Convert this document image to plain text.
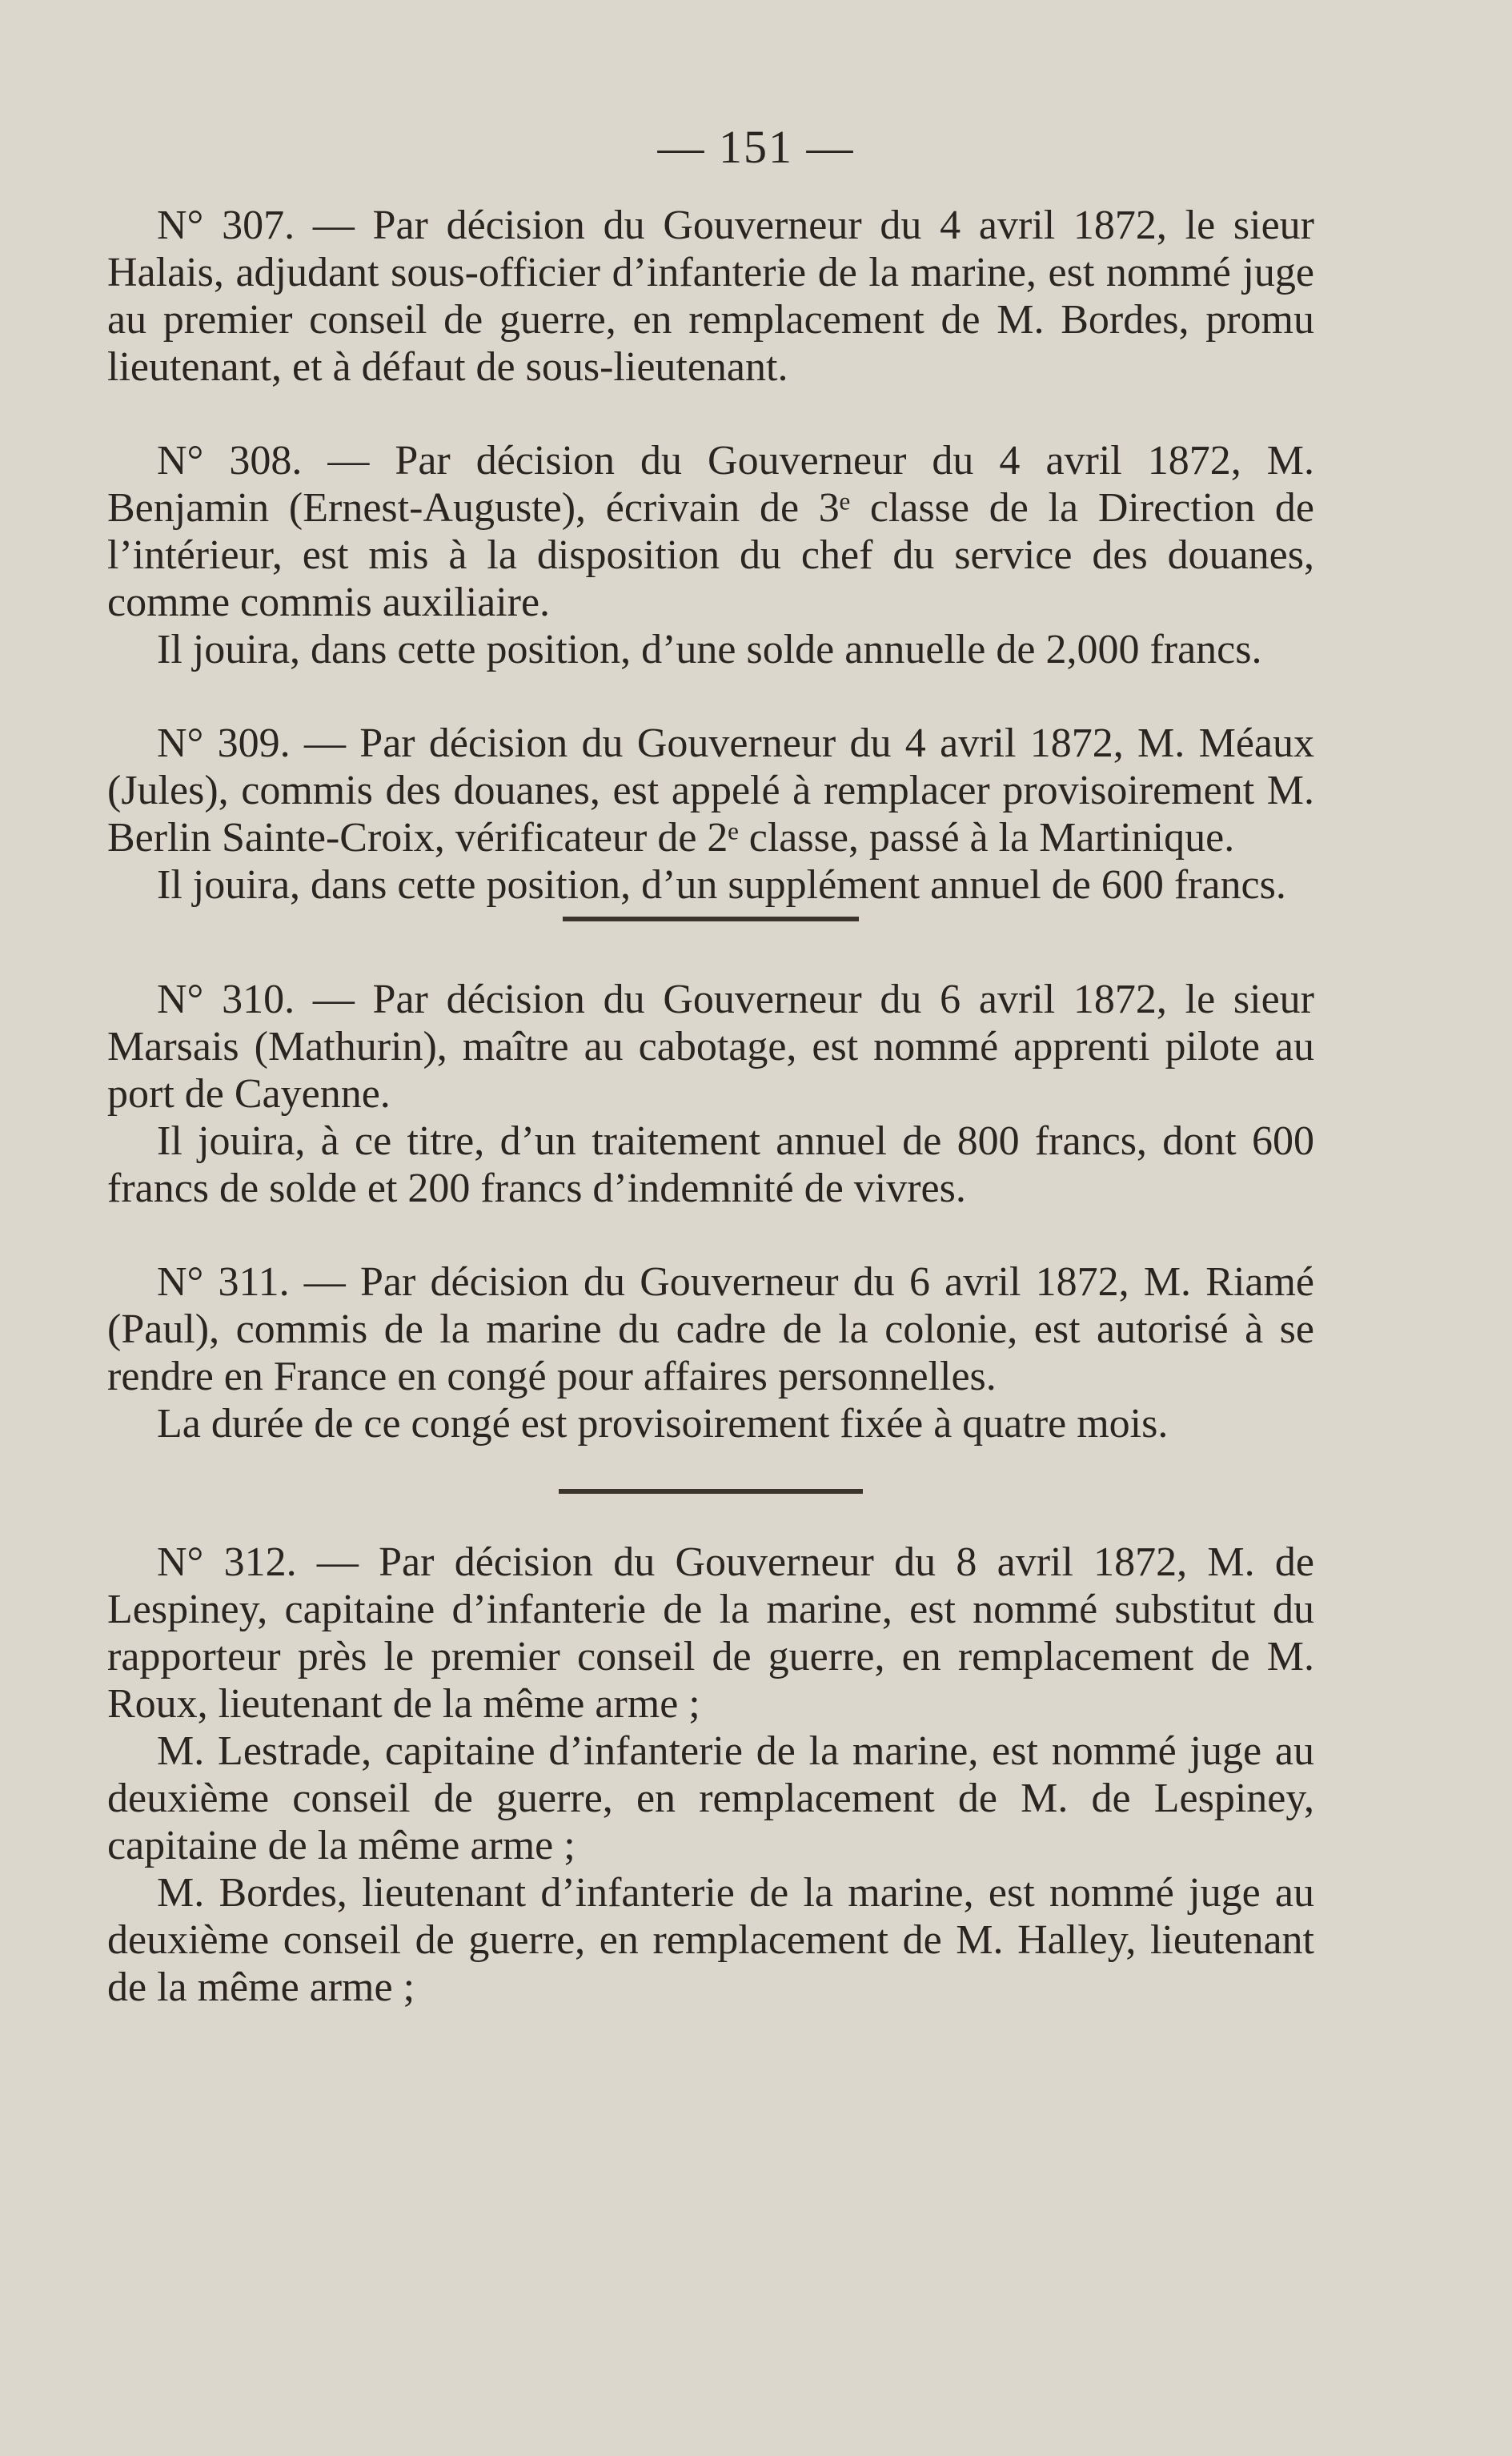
— 151 —

N° 307. — Par décision du Gouverneur du 4 avril 1872, le sieur Halais, adjudant sous-officier d’infanterie de la marine, est nommé juge au premier conseil de guerre, en remplacement de M. Bordes, promu lieutenant, et à défaut de sous-lieutenant.

N° 308. — Par décision du Gouverneur du 4 avril 1872, M. Benjamin (Ernest-Auguste), écrivain de 3ᵉ classe de la Direction de l’intérieur, est mis à la disposition du chef du service des douanes, comme commis auxiliaire.

Il jouira, dans cette position, d’une solde annuelle de 2,000 francs.

N° 309. — Par décision du Gouverneur du 4 avril 1872, M. Méaux (Jules), commis des douanes, est appelé à remplacer provisoirement M. Berlin Sainte-Croix, vérificateur de 2ᵉ classe, passé à la Martinique.

Il jouira, dans cette position, d’un supplément annuel de 600 francs.

N° 310. — Par décision du Gouverneur du 6 avril 1872, le sieur Marsais (Mathurin), maître au cabotage, est nommé apprenti pilote au port de Cayenne.

Il jouira, à ce titre, d’un traitement annuel de 800 francs, dont 600 francs de solde et 200 francs d’indemnité de vivres.

N° 311. — Par décision du Gouverneur du 6 avril 1872, M. Riamé (Paul), commis de la marine du cadre de la colonie, est autorisé à se rendre en France en congé pour affaires personnelles.

La durée de ce congé est provisoirement fixée à quatre mois.

N° 312. — Par décision du Gouverneur du 8 avril 1872, M. de Lespiney, capitaine d’infanterie de la marine, est nommé substitut du rapporteur près le premier conseil de guerre, en remplacement de M. Roux, lieutenant de la même arme ;

M. Lestrade, capitaine d’infanterie de la marine, est nommé juge au deuxième conseil de guerre, en remplacement de M. de Lespiney, capitaine de la même arme ;

M. Bordes, lieutenant d’infanterie de la marine, est nommé juge au deuxième conseil de guerre, en remplacement de M. Halley, lieutenant de la même arme ;
